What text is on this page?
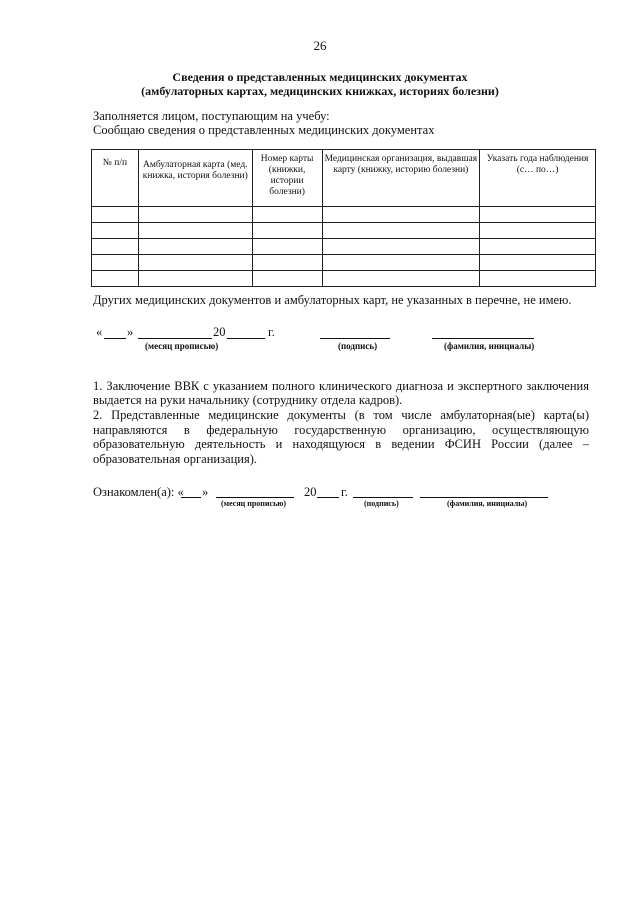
26
Сведения о представленных медицинских документах
(амбулаторных картах, медицинских книжках, историях болезни)
Заполняется лицом, поступающим на учебу:
Сообщаю сведения о представленных медицинских документах
№ п/п	Амбулаторная карта (мед. книжка, история болезни)	Номер карты (книжки, истории болезни)	Медицинская организация, выдавшая карту (книжку, историю болезни)	Указать года наблюдения (с… по…)

Других медицинских документов и амбулаторных карт, не указанных в перечне, не имею.
« »	20	г.
(месяц прописью)	(подпись)	(фамилия, инициалы)
1. Заключение ВВК с указанием полного клинического диагноза и экспертного заключения
выдается на руки начальнику (сотруднику отдела кадров).
2. Представленные медицинские документы (в том числе амбулаторная(ые) карта(ы)
направляются в федеральную государственную организацию, осуществляющую
образовательную деятельность и находящуюся в ведении ФСИН России (далее –
образовательная организация).
Ознакомлен(а): « »	20 г.
(месяц прописью)	(подпись)	(фамилия, инициалы)
